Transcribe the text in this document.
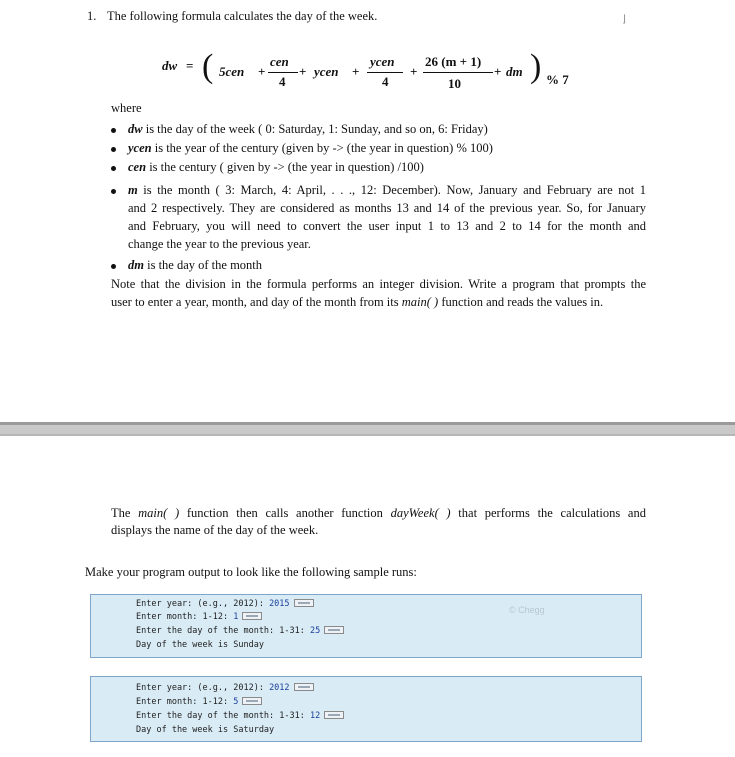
1. The following formula calculates the day of the week.	⌋
dw = ( 5cen +
cen
4
+ ycen +
ycen
4
+
26 (m + 1)
10
+ dm ) % 7
where
dw is the day of the week ( 0: Saturday, 1: Sunday, and so on, 6: Friday)
ycen is the year of the century (given by -> (the year in question) % 100)
cen is the century ( given by -> (the year in question) /100)
m is the month ( 3: March, 4: April, . . ., 12: December). Now, January and February are not 1
and 2 respectively. They are considered as months 13 and 14 of the previous year. So, for January
and February, you will need to convert the user input 1 to 13 and 2 to 14 for the month and
change the year to the previous year.
dm is the day of the month
Note that the division in the formula performs an integer division. Write a program that prompts the
user to enter a year, month, and day of the month from its main( ) function and reads the values in.
The main( ) function then calls another function dayWeek( ) that performs the calculations and
displays the name of the day of the week.
Make your program output to look like the following sample runs:
© Chegg
Enter year: (e.g., 2012): 2015
Enter month: 1-12: 1
Enter the day of the month: 1-31: 25
Day of the week is Sunday
Enter year: (e.g., 2012): 2012
Enter month: 1-12: 5
Enter the day of the month: 1-31: 12
Day of the week is Saturday
